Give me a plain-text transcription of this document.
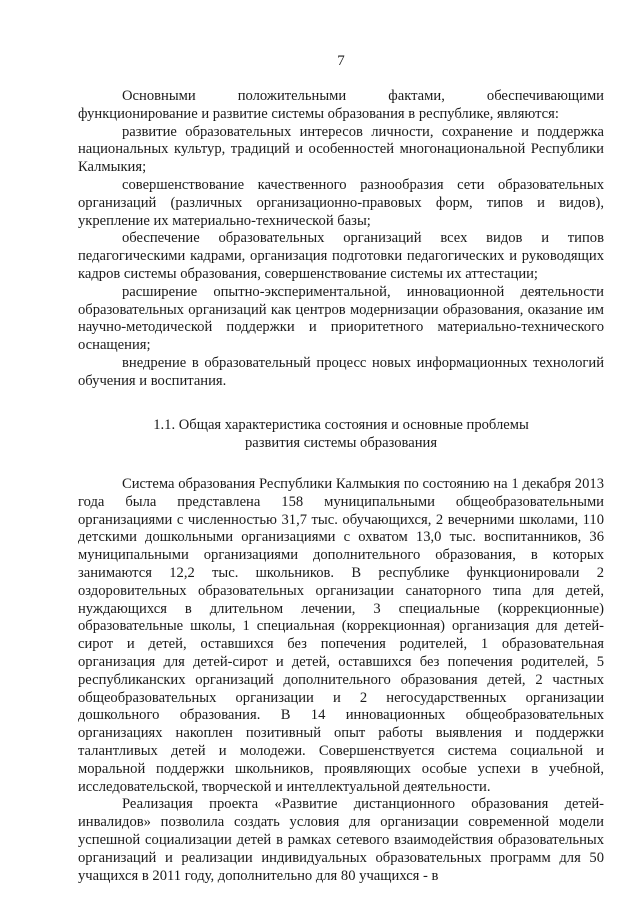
7

Основными положительными фактами, обеспечивающими функционирование и развитие системы образования в республике, являются:

развитие образовательных интересов личности, сохранение и поддержка национальных культур, традиций и особенностей многонациональной Республики Калмыкия;

совершенствование качественного разнообразия сети образовательных организаций (различных организационно-правовых форм, типов и видов), укрепление их материально-технической базы;

обеспечение образовательных организаций всех видов и типов педагогическими кадрами, организация подготовки педагогических и руководящих кадров системы образования, совершенствование системы их аттестации;

расширение опытно-экспериментальной, инновационной деятельности образовательных организаций как центров модернизации образования, оказание им научно-методической поддержки и приоритетного материально-технического оснащения;

внедрение в образовательный процесс новых информационных технологий обучения и воспитания.

1.1. Общая характеристика состояния и основные проблемы
развития системы образования

Система образования Республики Калмыкия по состоянию на 1 декабря 2013 года была представлена 158 муниципальными общеобразовательными организациями с численностью 31,7 тыс. обучающихся, 2 вечерними школами, 110 детскими дошкольными организациями с охватом 13,0 тыс. воспитанников, 36 муниципальными организациями дополнительного образования, в которых занимаются 12,2 тыс. школьников. В республике функционировали 2 оздоровительных образовательных организации санаторного типа для детей, нуждающихся в длительном лечении, 3 специальные (коррекционные) образовательные школы, 1 специальная (коррекционная) организация для детей-сирот и детей, оставшихся без попечения родителей, 1 образовательная организация для детей-сирот и детей, оставшихся без попечения родителей, 5 республиканских организаций дополнительного образования детей, 2 частных общеобразовательных организации и 2 негосударственных организации дошкольного образования. В 14 инновационных общеобразовательных организациях накоплен позитивный опыт работы выявления и поддержки талантливых детей и молодежи. Совершенствуется система социальной и моральной поддержки школьников, проявляющих особые успехи в учебной, исследовательской, творческой и интеллектуальной деятельности.

Реализация проекта «Развитие дистанционного образования детей-инвалидов» позволила создать условия для организации современной модели успешной социализации детей в рамках сетевого взаимодействия образовательных организаций и реализации индивидуальных образовательных программ для 50 учащихся в 2011 году, дополнительно для 80 учащихся - в
